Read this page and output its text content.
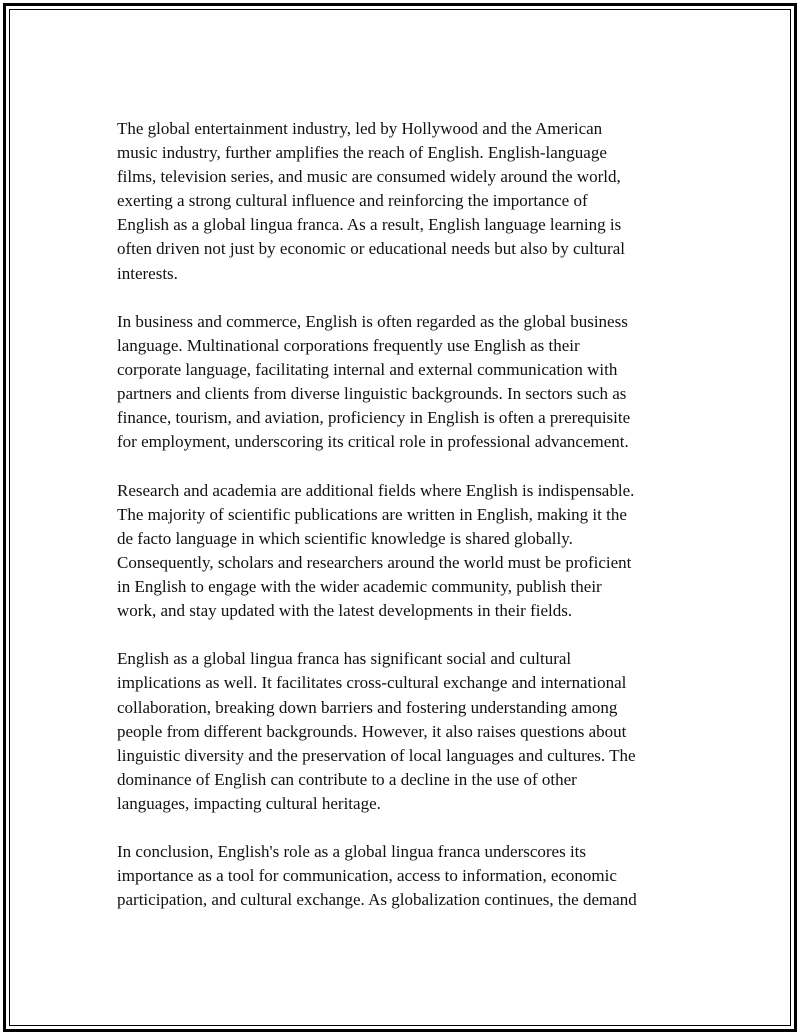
The global entertainment industry, led by Hollywood and the American
music industry, further amplifies the reach of English. English-language
films, television series, and music are consumed widely around the world,
exerting a strong cultural influence and reinforcing the importance of
English as a global lingua franca. As a result, English language learning is
often driven not just by economic or educational needs but also by cultural
interests.

In business and commerce, English is often regarded as the global business
language. Multinational corporations frequently use English as their
corporate language, facilitating internal and external communication with
partners and clients from diverse linguistic backgrounds. In sectors such as
finance, tourism, and aviation, proficiency in English is often a prerequisite
for employment, underscoring its critical role in professional advancement.

Research and academia are additional fields where English is indispensable.
The majority of scientific publications are written in English, making it the
de facto language in which scientific knowledge is shared globally.
Consequently, scholars and researchers around the world must be proficient
in English to engage with the wider academic community, publish their
work, and stay updated with the latest developments in their fields.

English as a global lingua franca has significant social and cultural
implications as well. It facilitates cross-cultural exchange and international
collaboration, breaking down barriers and fostering understanding among
people from different backgrounds. However, it also raises questions about
linguistic diversity and the preservation of local languages and cultures. The
dominance of English can contribute to a decline in the use of other
languages, impacting cultural heritage.

In conclusion, English's role as a global lingua franca underscores its
importance as a tool for communication, access to information, economic
participation, and cultural exchange. As globalization continues, the demand
